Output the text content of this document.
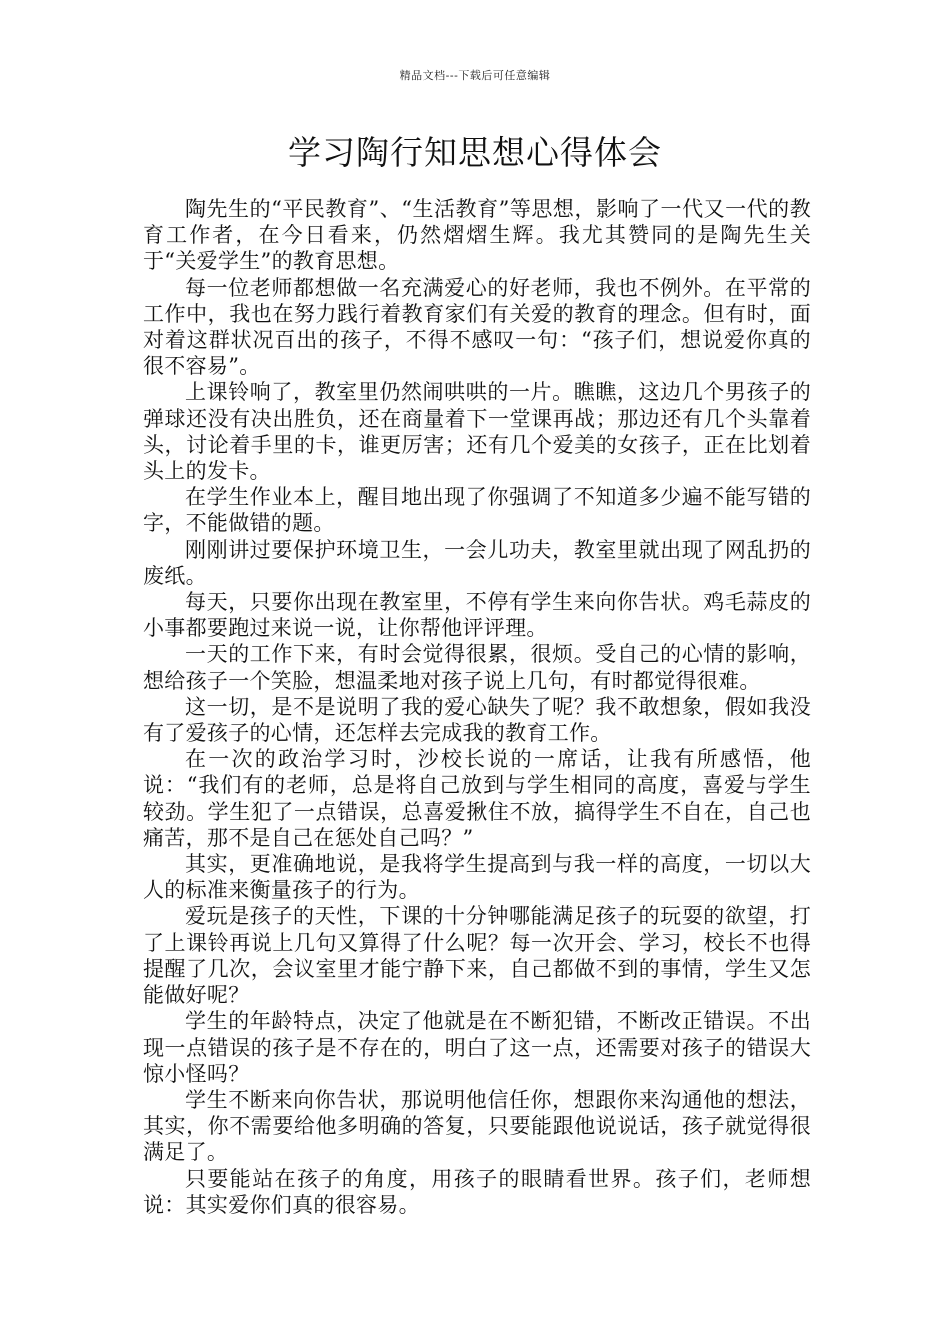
精品文档---下载后可任意编辑
学习陶行知思想心得体会

陶先生的“平民教育”、“生活教育”等思想，影响了一代又一代的教育工作者，在今日看来，仍然熠熠生辉。我尤其赞同的是陶先生关于“关爱学生”的教育思想。

每一位老师都想做一名充满爱心的好老师，我也不例外。在平常的工作中，我也在努力践行着教育家们有关爱的教育的理念。但有时，面对着这群状况百出的孩子，不得不感叹一句：“孩子们，想说爱你真的很不容易”。

上课铃响了，教室里仍然闹哄哄的一片。瞧瞧，这边几个男孩子的弹球还没有决出胜负，还在商量着下一堂课再战；那边还有几个头靠着头，讨论着手里的卡，谁更厉害；还有几个爱美的女孩子，正在比划着头上的发卡。

在学生作业本上，醒目地出现了你强调了不知道多少遍不能写错的字，不能做错的题。

刚刚讲过要保护环境卫生，一会儿功夫，教室里就出现了网乱扔的废纸。

每天，只要你出现在教室里，不停有学生来向你告状。鸡毛蒜皮的小事都要跑过来说一说，让你帮他评评理。

一天的工作下来，有时会觉得很累，很烦。受自己的心情的影响，想给孩子一个笑脸，想温柔地对孩子说上几句，有时都觉得很难。

这一切，是不是说明了我的爱心缺失了呢？我不敢想象，假如我没有了爱孩子的心情，还怎样去完成我的教育工作。

在一次的政治学习时，沙校长说的一席话，让我有所感悟，他说：“我们有的老师，总是将自己放到与学生相同的高度，喜爱与学生较劲。学生犯了一点错误，总喜爱揪住不放，搞得学生不自在，自己也痛苦，那不是自己在惩处自己吗？”

其实，更准确地说，是我将学生提高到与我一样的高度，一切以大人的标准来衡量孩子的行为。

爱玩是孩子的天性，下课的十分钟哪能满足孩子的玩耍的欲望，打了上课铃再说上几句又算得了什么呢？每一次开会、学习，校长不也得提醒了几次，会议室里才能宁静下来，自己都做不到的事情，学生又怎能做好呢？

学生的年龄特点，决定了他就是在不断犯错，不断改正错误。不出现一点错误的孩子是不存在的，明白了这一点，还需要对孩子的错误大惊小怪吗？

学生不断来向你告状，那说明他信任你，想跟你来沟通他的想法，其实，你不需要给他多明确的答复，只要能跟他说说话，孩子就觉得很满足了。

只要能站在孩子的角度，用孩子的眼睛看世界。孩子们，老师想说：其实爱你们真的很容易。
